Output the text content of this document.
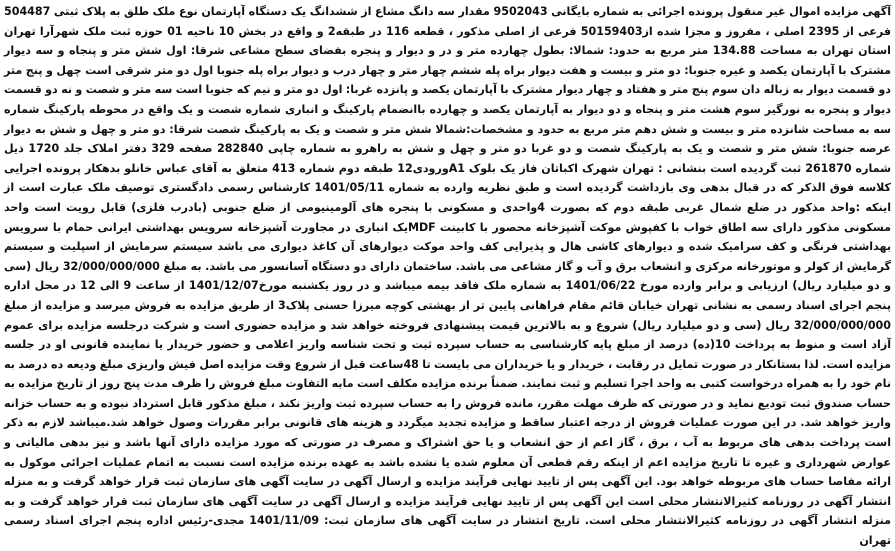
آگهی مزایده اموال غیر منقول پرونده اجرائی به شماره بایگانی 9502043 مقدار سه دانگ مشاع از ششدانگ یک دستگاه آپارتمان نوع ملک طلق به پلاک ثبتی 504487 فرعی از 2395 اصلی ، مفروز و مجزا شده از50159403 فرعی از اصلی مذکور ، قطعه 116 در طبقه2 و واقع در بخش 10 ناحیه 01 حوزه ثبت ملک شهرآرا تهران استان تهران به مساحت 134.88 متر مربع به حدود: شمالا: بطول چهارده متر و در و دیوار و پنجره بفضای سطح مشاعی شرقا: اول شش متر و پنجاه و سه دیوار مشترک با آپارتمان یکصد و غیره جنوبا: دو متر و بیست و هفت دیوار براه پله ششم چهار متر و چهار درب و دیوار براه پله جنوبا اول دو متر شرقی است چهل و پنج متر دو قسمت دیوار به زباله دان سوم پنج متر و هفتاد و چهار دیوار مشترک با آپارتمان یکصد و پانزده غربا: اول دو متر و نیم که جنوبا است سه متر و شصت و نه دو قسمت دیوار و پنجره به نورگیر سوم هشت متر و پنجاه و دو دیوار به آپارتمان یکصد و چهارده باانضمام پارکینگ و انباری شماره شصت و یک واقع در محوطه پارکینگ شماره سه به مساحت شانزده متر و بیست و شش دهم متر مربع به حدود و مشخصات:شمالا شش متر و شصت و یک به پارکینگ شصت شرقا: دو متر و چهل و شش به دیوار عرصه جنوبا: شش متر و شصت و یک به پارکینگ شصت و دو غربا دو متر و چهل و شش به راهرو به شماره چاپی 282840 صفحه 329 دفتر املاک جلد 1720 ذیل شماره 261870 ثبت گردیده است بنشانی : تهران شهرک اکباتان فاز یک بلوک A1ورودی12 طبقه دوم شماره 413 متعلق به آقای عباس خانلو بدهکار پرونده اجرایی کلاسه فوق الذکر که در قبال بدهی وی بازداشت گردیده است و طبق نظریه وارده به شماره 1401/05/11 کارشناس رسمی دادگستری توصیف ملک عبارت است از اینکه :واحد مذکور در ضلع شمال غربی طبقه دوم که بصورت 4واحدی و مسکونی با پنجره های آلومینیومی از ضلع جنوبی (بادرب فلزی) قابل رویت است واحد مسکونی مذکور دارای سه اطاق خواب با کفپوش موکت آشپزخانه محصور با کابینت MDFیک انباری در مجاورت آشپزخانه سرویس بهداشتی ایرانی حمام با سرویس بهداشتی فرنگی و کف سرامیک شده و دیوارهای کاشی هال و پذیرایی کف واحد موکت دیوارهای آن کاغذ دیواری می باشد سیستم سرمایش از اسپلیت و سیستم گرمایش از کولر و موتورخانه مرکزی و انشعاب برق و آب و گاز مشاعی می باشد. ساختمان دارای دو دستگاه آسانسور می باشد. به مبلغ 32/000/000/000 ریال (سی و دو میلیارد ریال) ارزیابی و برابر وارده مورخ 1401/06/22 به شماره ملک فاقد بیمه میباشد و در روز یکشنبه مورخ1401/12/07 از ساعت 9 الی 12 در محل اداره پنجم اجرای اسناد رسمی به نشانی تهران خیابان قائم مقام فراهانی پایین تر از بهشتی کوچه میرزا حسنی پلاک3 از طریق مزایده به فروش میرسد و مزایده از مبلغ 32/000/000/000 ریال (سی و دو میلیارد ریال) شروع و به بالاترین قیمت پیشنهادی فروخته خواهد شد و مزایده حضوری است و شرکت درجلسه مزایده برای عموم آزاد است و منوط به پرداخت 10(ده) درصد از مبلغ پایه کارشناسی به حساب سپرده ثبت و تحت شناسه واریز اعلامی و حضور خریدار یا نماینده قانونی او در جلسه مزایده است. لذا بستانکار در صورت تمایل در رقابت ، خریدار و یا خریداران می بایست تا 48ساعت قبل از شروع وقت مزایده اصل فیش واریزی مبلغ ودیعه ده درصد به نام خود را به همراه درخواست کتبی به واحد اجرا تسلیم و ثبت نمایند. ضمناً برنده مزایده مکلف است مابه التفاوت مبلغ فروش را ظرف مدت پنج روز از تاریخ مزایده به حساب صندوق ثبت تودیع نماید و در صورتی که ظرف مهلت مقرر، مانده فروش را به حساب سپرده ثبت واریز نکند ، مبلغ مذکور قابل استرداد نبوده و به حساب خزانه واریز خواهد شد. در این صورت عملیات فروش از درجه اعتبار ساقط و مزایده تجدید میگردد و هزینه های قانونی برابر مقررات وصول خواهد شد.میباشد لازم به ذکر است پرداخت بدهی های مربوط به آب ، برق ، گاز اعم از حق انشعاب و یا حق اشتراک و مصرف در صورتی که مورد مزایده دارای آنها باشد و نیز بدهی مالیاتی و عوارض شهرداری و غیره تا تاریخ مزایده اعم از اینکه رقم قطعی آن معلوم شده یا نشده باشد به عهده برنده مزایده است نسبت به اتمام عملیات اجرائی موکول به ارائه مفاصا حساب های مربوطه خواهد بود. این آگهی پس از تایید نهایی فرآیند مزایده و ارسال آگهی در سایت آگهی های سازمان ثبت قرار خواهد گرفت و به منزله انتشار آگهی در روزنامه کثیرالانتشار محلی است این آگهی پس از تایید نهایی فرآیند مزایده و ارسال آگهی در سایت آگهی های سازمان ثبت قرار خواهد گرفت و به منزله انتشار آگهی در روزنامه کثیرالانتشار محلی است. تاریخ انتشار در سایت آگهی های سازمان ثبت: 1401/11/09 مجدی-رئیس اداره پنجم اجرای اسناد رسمی تهران
